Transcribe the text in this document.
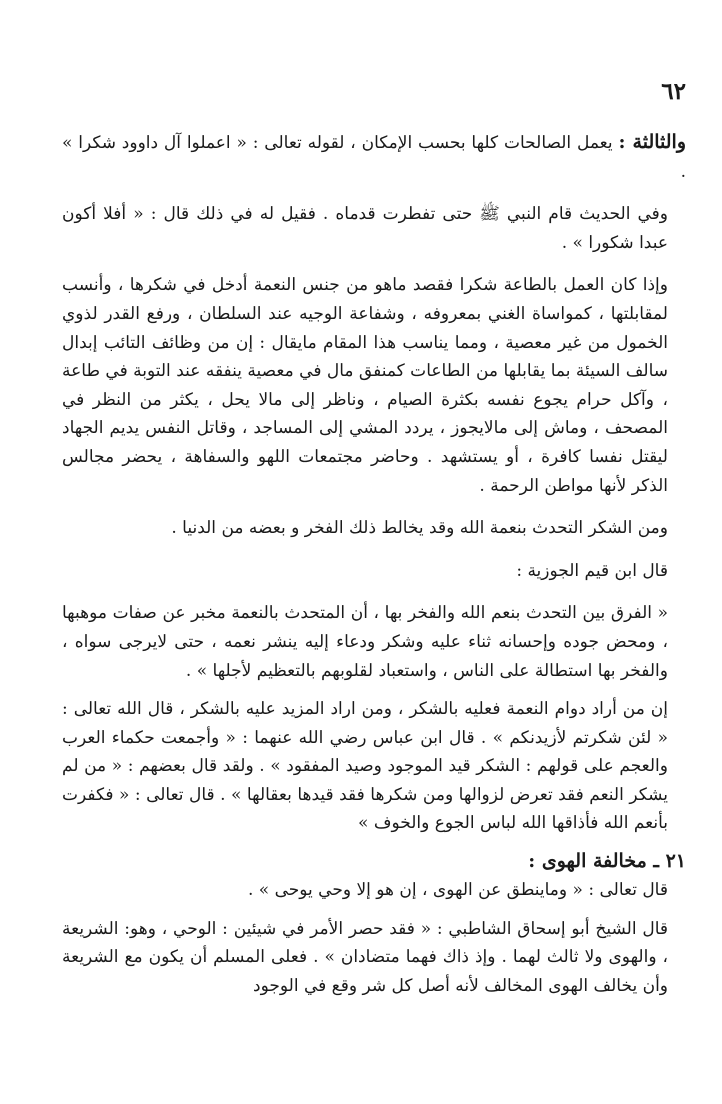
٦٢

والثالثة : يعمل الصالحات كلها بحسب الإمكان ، لقوله تعالى : « اعملوا آل داوود شكرا » .

وفي الحديث قام النبي ﷺ حتى تفطرت قدماه . فقيل له في ذلك قال : « أفلا أكون عبدا شكورا » .

وإذا كان العمل بالطاعة شكرا فقصد ماهو من جنس النعمة أدخل في شكرها ، وأنسب لمقابلتها ، كمواساة الغني بمعروفه ، وشفاعة الوجيه عند السلطان ، ورفع القدر لذوي الخمول من غير معصية ، ومما يناسب هذا المقام مايقال : إن من وظائف التائب إبدال سالف السيئة بما يقابلها من الطاعات كمنفق مال في معصية ينفقه عند التوبة في طاعة ، وآكل حرام يجوع نفسه بكثرة الصيام ، وناظر إلى مالا يحل ، يكثر من النظر في المصحف ، وماش إلى مالايجوز ، يردد المشي إلى المساجد ، وقاتل النفس يديم الجهاد ليقتل نفسا كافرة ، أو يستشهد . وحاضر مجتمعات اللهو والسفاهة ، يحضر مجالس الذكر لأنها مواطن الرحمة .

ومن الشكر التحدث بنعمة الله وقد يخالط ذلك الفخر و بعضه من الدنيا .

قال ابن قيم الجوزية :

« الفرق بين التحدث بنعم الله والفخر بها ، أن المتحدث بالنعمة مخبر عن صفات موهبها ، ومحض جوده وإحسانه ثناء عليه وشكر ودعاء إليه ينشر نعمه ، حتى لايرجى سواه ، والفخر بها استطالة على الناس ، واستعباد لقلوبهم بالتعظيم لأجلها » .

إن من أراد دوام النعمة فعليه بالشكر ، ومن اراد المزيد عليه بالشكر ، قال الله تعالى : « لئن شكرتم لأزيدنكم » . قال ابن عباس رضي الله عنهما : « وأجمعت حكماء العرب والعجم على قولهم : الشكر قيد الموجود وصيد المفقود » . ولقد قال بعضهم : « من لم يشكر النعم فقد تعرض لزوالها ومن شكرها فقد قيدها بعقالها » . قال تعالى : « فكفرت بأنعم الله فأذاقها الله لباس الجوع والخوف »

٢١ ـ مخالفة الهوى :

قال تعالى : « وماينطق عن الهوى ، إن هو إلا وحي يوحى » .

قال الشيخ أبو إسحاق الشاطبي : « فقد حصر الأمر في شيئين : الوحي ، وهو: الشريعة ، والهوى ولا ثالث لهما . وإذ ذاك فهما متضادان » . فعلى المسلم أن يكون مع الشريعة وأن يخالف الهوى المخالف لأنه أصل كل شر وقع في الوجود
